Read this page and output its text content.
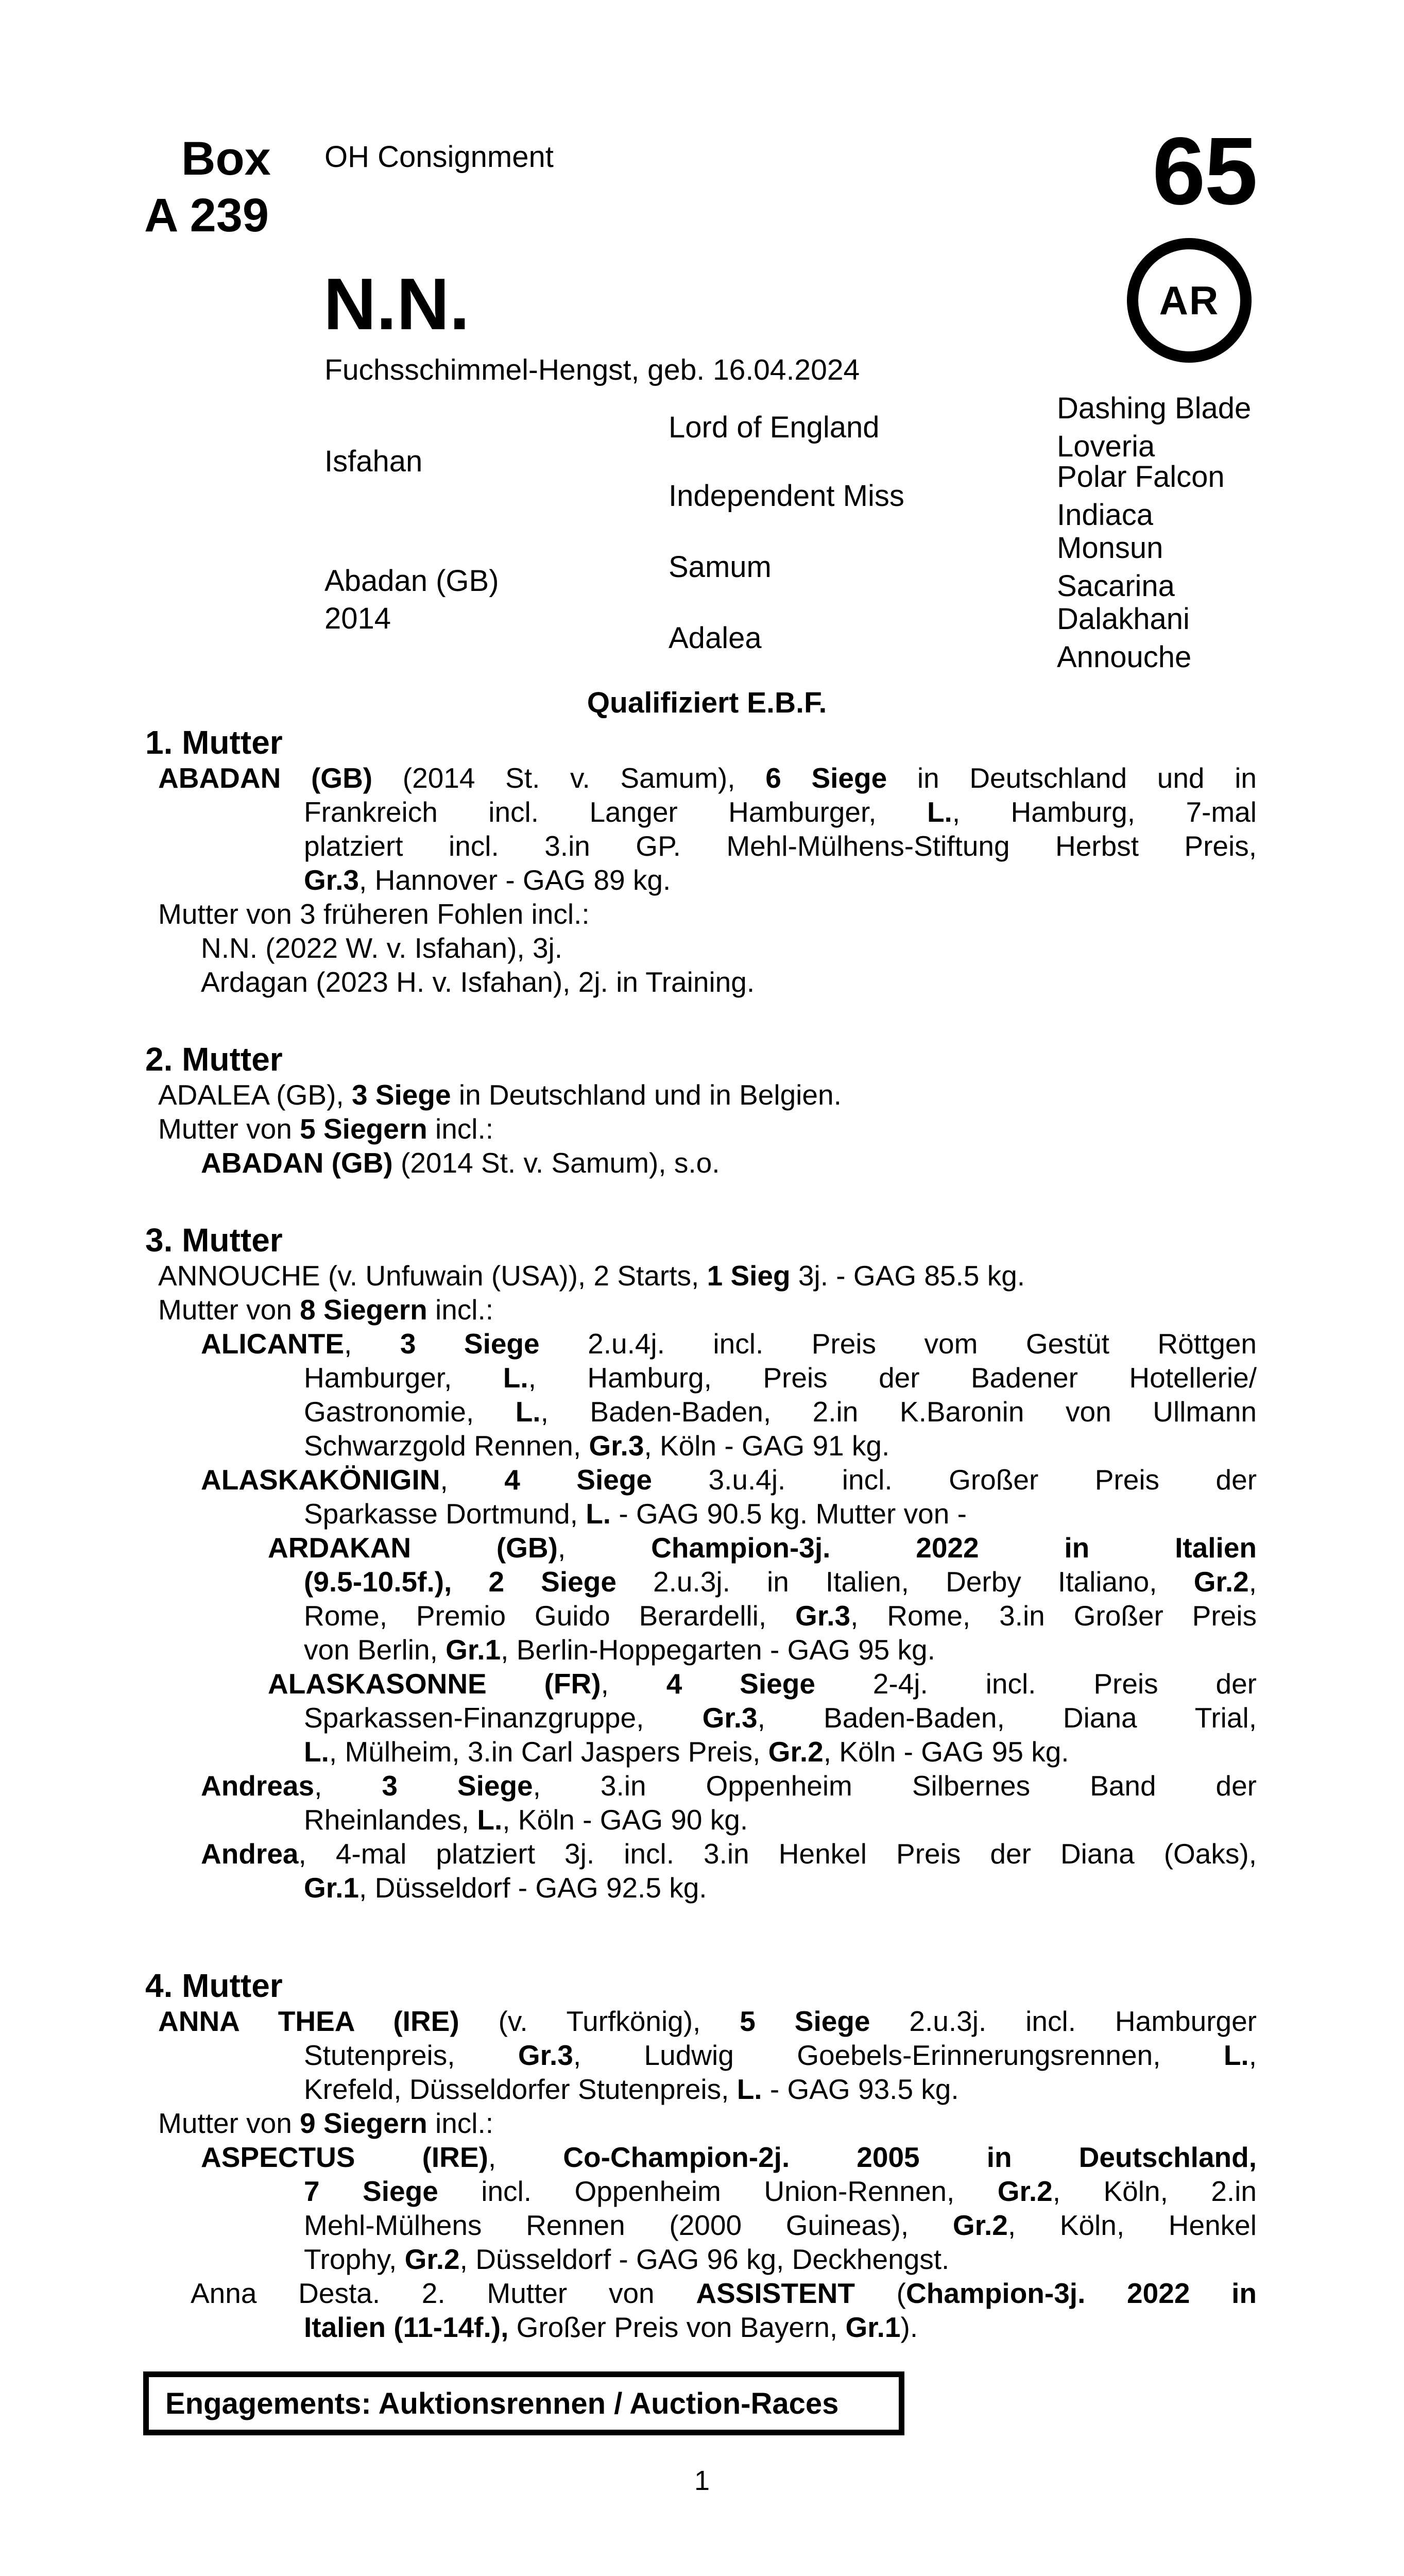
Box
A 239
OH Consignment	65
AR
N.N.
Fuchsschimmel-Hengst, geb. 16.04.2024
Isfahan
Abadan (GB)
2014
Lord of England
Independent Miss
Samum
Adalea
Dashing Blade
Loveria
Polar Falcon
Indiaca
Monsun
Sacarina
Dalakhani
Annouche
Qualifiziert E.B.F.
1. Mutter
ABADAN (GB) (2014 St. v. Samum), 6 Siege in Deutschland und in
Frankreich incl. Langer Hamburger, L., Hamburg, 7-mal
platziert incl. 3.in GP. Mehl-Mülhens-Stiftung Herbst Preis,
Gr.3, Hannover - GAG 89 kg.
Mutter von 3 früheren Fohlen incl.:
N.N. (2022 W. v. Isfahan), 3j.
Ardagan (2023 H. v. Isfahan), 2j. in Training.
2. Mutter
ADALEA (GB), 3 Siege in Deutschland und in Belgien.
Mutter von 5 Siegern incl.:
ABADAN (GB) (2014 St. v. Samum), s.o.
3. Mutter
ANNOUCHE (v. Unfuwain (USA)), 2 Starts, 1 Sieg 3j. - GAG 85.5 kg.
Mutter von 8 Siegern incl.:
ALICANTE, 3 Siege 2.u.4j. incl. Preis vom Gestüt Röttgen
Hamburger, L., Hamburg, Preis der Badener Hotellerie/
Gastronomie, L., Baden-Baden, 2.in K.Baronin von Ullmann
Schwarzgold Rennen, Gr.3, Köln - GAG 91 kg.
ALASKAKÖNIGIN, 4 Siege 3.u.4j. incl. Großer Preis der
Sparkasse Dortmund, L. - GAG 90.5 kg. Mutter von -
ARDAKAN (GB), Champion-3j. 2022 in Italien
(9.5-10.5f.), 2 Siege 2.u.3j. in Italien, Derby Italiano, Gr.2,
Rome, Premio Guido Berardelli, Gr.3, Rome, 3.in Großer Preis
von Berlin, Gr.1, Berlin-Hoppegarten - GAG 95 kg.
ALASKASONNE (FR), 4 Siege 2-4j. incl. Preis der
Sparkassen-Finanzgruppe, Gr.3, Baden-Baden, Diana Trial,
L., Mülheim, 3.in Carl Jaspers Preis, Gr.2, Köln - GAG 95 kg.
Andreas, 3 Siege, 3.in Oppenheim Silbernes Band der
Rheinlandes, L., Köln - GAG 90 kg.
Andrea, 4-mal platziert 3j. incl. 3.in Henkel Preis der Diana (Oaks),
Gr.1, Düsseldorf - GAG 92.5 kg.
4. Mutter
ANNA THEA (IRE) (v. Turfkönig), 5 Siege 2.u.3j. incl. Hamburger
Stutenpreis, Gr.3, Ludwig Goebels-Erinnerungsrennen, L.,
Krefeld, Düsseldorfer Stutenpreis, L. - GAG 93.5 kg.
Mutter von 9 Siegern incl.:
ASPECTUS (IRE), Co-Champion-2j. 2005 in Deutschland,
7 Siege incl. Oppenheim Union-Rennen, Gr.2, Köln, 2.in
Mehl-Mülhens Rennen (2000 Guineas), Gr.2, Köln, Henkel
Trophy, Gr.2, Düsseldorf - GAG 96 kg, Deckhengst.
Anna Desta. 2. Mutter von ASSISTENT (Champion-3j. 2022 in
Italien (11-14f.), Großer Preis von Bayern, Gr.1).
Engagements: Auktionsrennen / Auction-Races
1
